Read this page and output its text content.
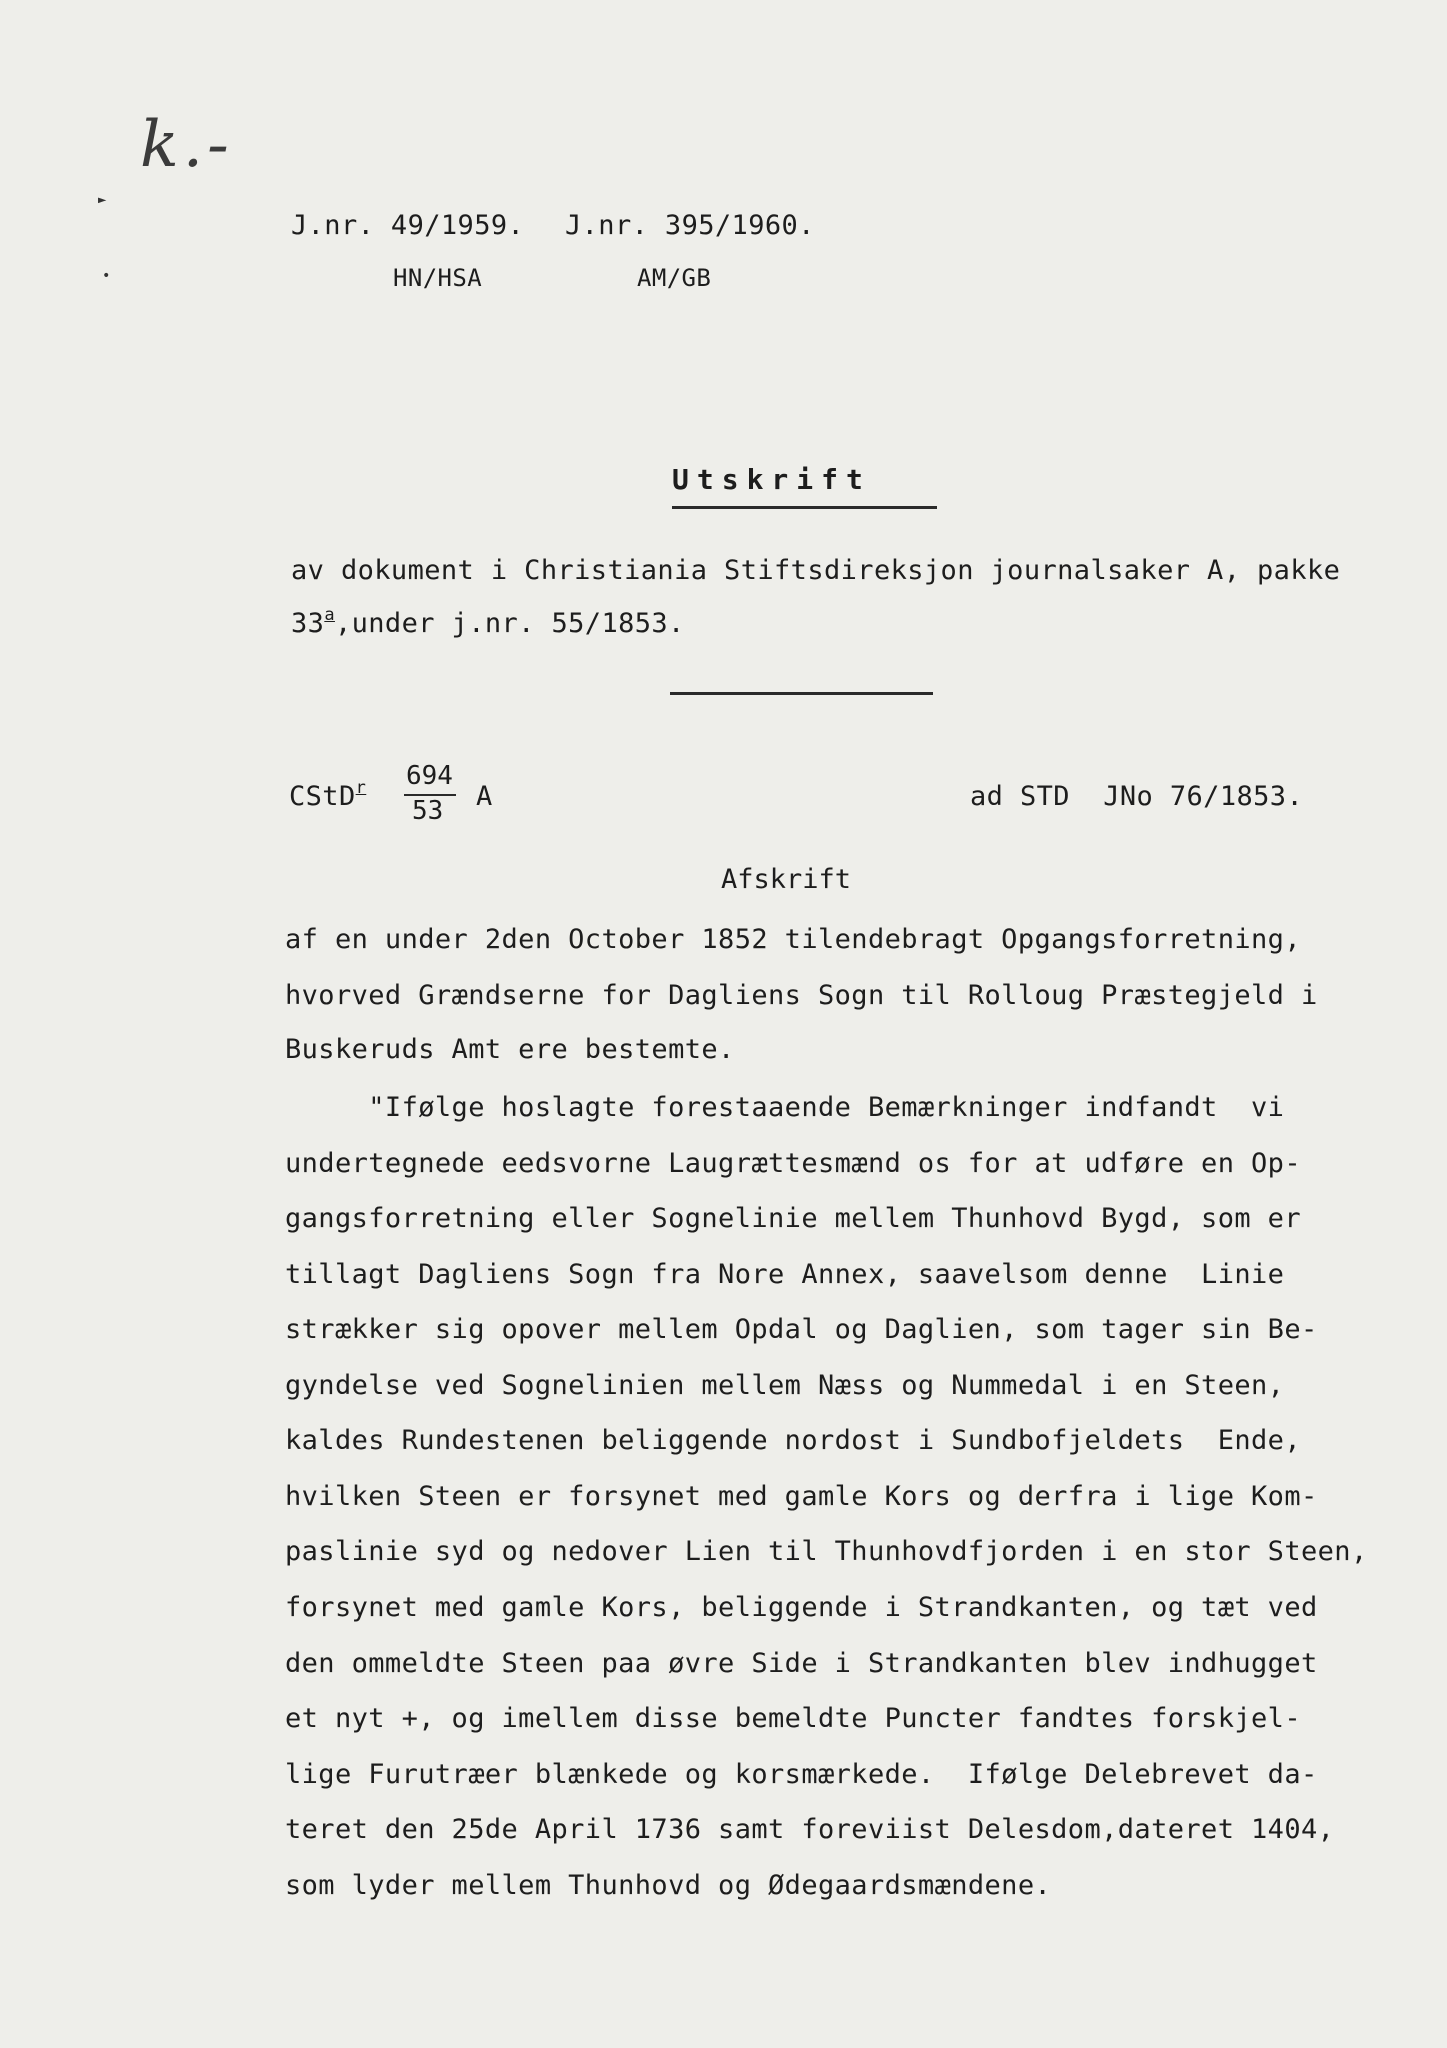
k.-
►
•
J.nr. 49/1959. J.nr. 395/1960.
HN/HSA	AM/GB
Utskrift
av dokument i Christiania Stiftsdireksjon journalsaker A, pakke
33$^a$,under j.nr. 55/1853.
CStD$^r$ 694
53 A	ad STD  JNo 76/1853.
Afskrift
af en under 2den October 1852 tilendebragt Opgangsforretning,
hvorved Grændserne for Dagliens Sogn til Rolloug Præstegjeld i
Buskeruds Amt ere bestemte.
"Ifølge hoslagte forestaaende Bemærkninger indfandt  vi
undertegnede eedsvorne Laugrættesmænd os for at udføre en Op-
gangsforretning eller Sognelinie mellem Thunhovd Bygd, som er
tillagt Dagliens Sogn fra Nore Annex, saavelsom denne  Linie
strækker sig opover mellem Opdal og Daglien, som tager sin Be-
gyndelse ved Sognelinien mellem Næss og Nummedal i en Steen,
kaldes Rundestenen beliggende nordost i Sundbofjeldets  Ende,
hvilken Steen er forsynet med gamle Kors og derfra i lige Kom-
paslinie syd og nedover Lien til Thunhovdfjorden i en stor Steen,
forsynet med gamle Kors, beliggende i Strandkanten, og tæt ved
den ommeldte Steen paa øvre Side i Strandkanten blev indhugget
et nyt +, og imellem disse bemeldte Puncter fandtes forskjel-
lige Furutræer blænkede og korsmærkede.  Ifølge Delebrevet da-
teret den 25de April 1736 samt foreviist Delesdom,dateret 1404,
som lyder mellem Thunhovd og Ødegaardsmændene.
